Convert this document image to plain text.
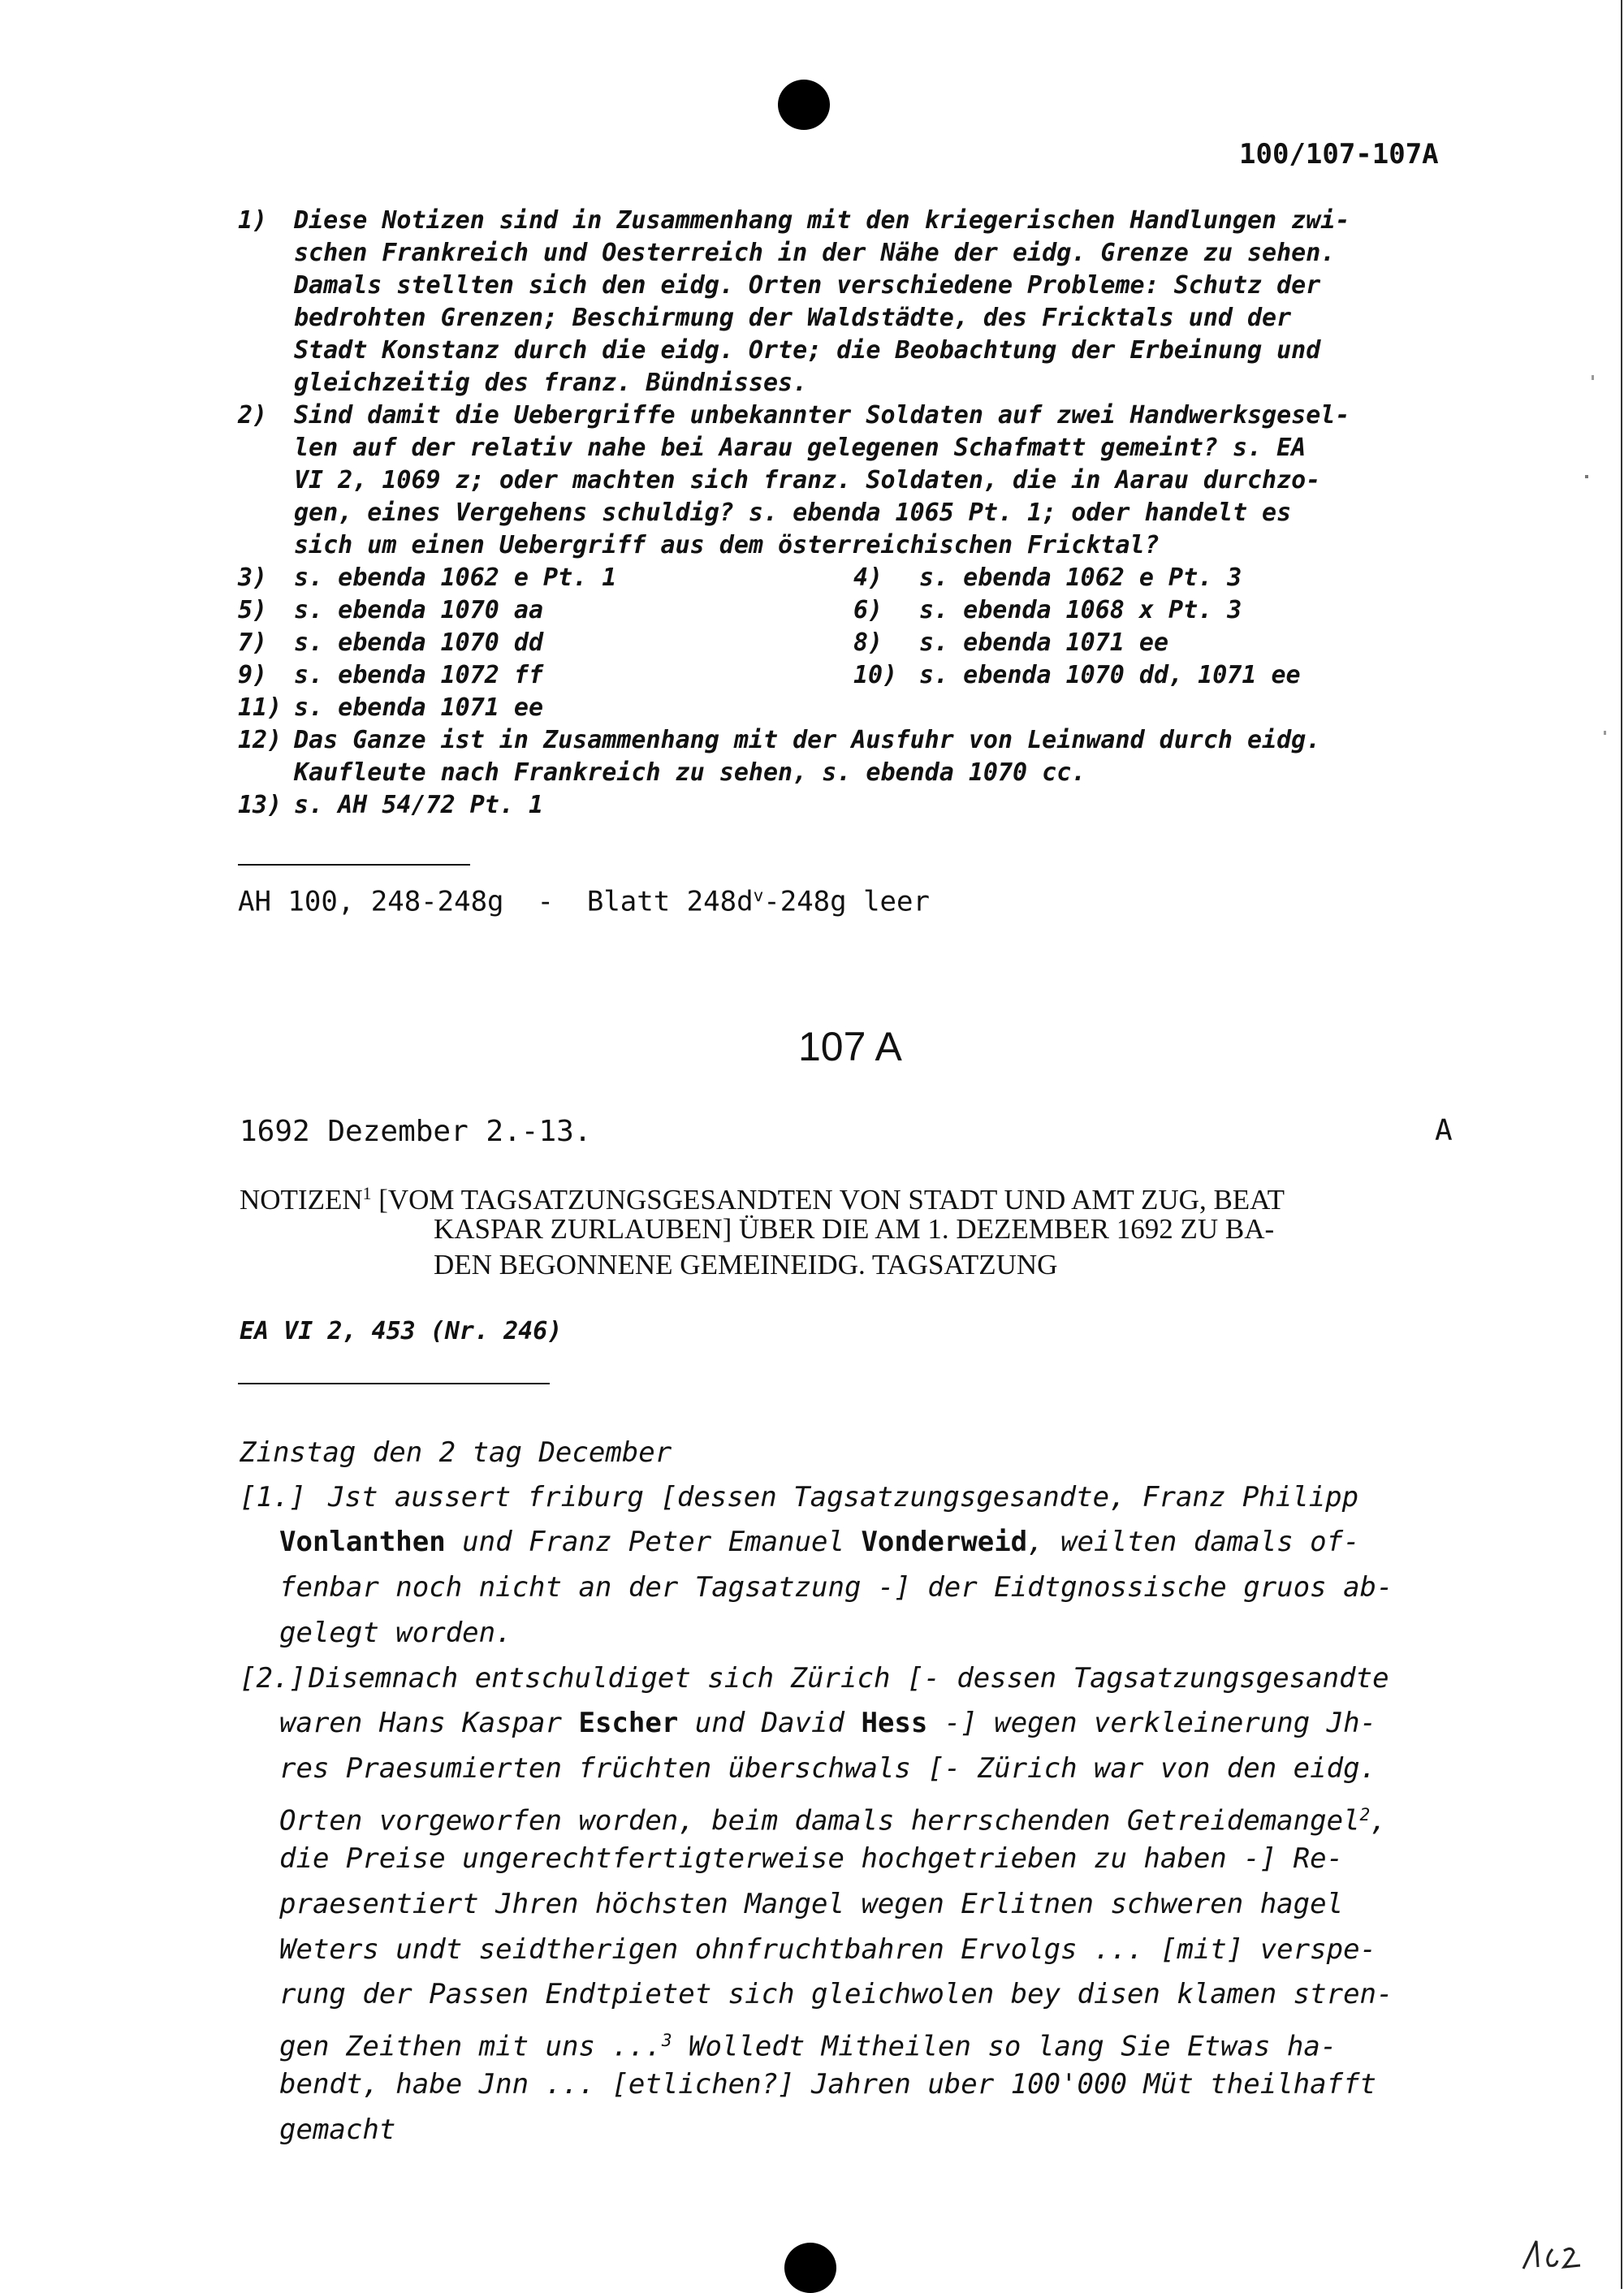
100/107-107A
1) Diese Notizen sind in Zusammenhang mit den kriegerischen Handlungen zwi-
schen Frankreich und Oesterreich in der Nähe der eidg. Grenze zu sehen.
Damals stellten sich den eidg. Orten verschiedene Probleme: Schutz der
bedrohten Grenzen; Beschirmung der Waldstädte, des Fricktals und der
Stadt Konstanz durch die eidg. Orte; die Beobachtung der Erbeinung und
gleichzeitig des franz. Bündnisses.
2) Sind damit die Uebergriffe unbekannter Soldaten auf zwei Handwerksgesel-
len auf der relativ nahe bei Aarau gelegenen Schafmatt gemeint? s. EA
VI 2, 1069 z; oder machten sich franz. Soldaten, die in Aarau durchzo-
gen, eines Vergehens schuldig? s. ebenda 1065 Pt. 1; oder handelt es
sich um einen Uebergriff aus dem österreichischen Fricktal?
3) s. ebenda 1062 e Pt. 1	4) s. ebenda 1062 e Pt. 3
5) s. ebenda 1070 aa	6) s. ebenda 1068 x Pt. 3
7) s. ebenda 1070 dd	8) s. ebenda 1071 ee
9) s. ebenda 1072 ff	10) s. ebenda 1070 dd, 1071 ee
11) s. ebenda 1071 ee
12) Das Ganze ist in Zusammenhang mit der Ausfuhr von Leinwand durch eidg.
Kaufleute nach Frankreich zu sehen, s. ebenda 1070 cc.
13) s. AH 54/72 Pt. 1
AH 100, 248-248g  -  Blatt $248d^v-248g$ leer
107 A
1692 Dezember 2.-13.	A
NOTIZEN$^1$ [VOM TAGSATZUNGSGESANDTEN VON STADT UND AMT ZUG, BEAT
KASPAR ZURLAUBEN] ÜBER DIE AM 1. DEZEMBER 1692 ZU BA-
DEN BEGONNENE GEMEINEIDG. TAGSATZUNG
EA VI 2, 453 (Nr. 246)
Zinstag den 2 tag December
[1.] Jst aussert friburg [dessen Tagsatzungsgesandte, Franz Philipp
Vonlanthen und Franz Peter Emanuel Vonderweid, weilten damals of-
fenbar noch nicht an der Tagsatzung -] der Eidtgnossische gruos ab-
gelegt worden.
[2.] Disemnach entschuldiget sich Zürich [- dessen Tagsatzungsgesandte
waren Hans Kaspar Escher und David Hess -] wegen verkleinerung Jh-
res Praesumierten früchten überschwals [- Zürich war von den eidg.
Orten vorgeworfen worden, beim damals herrschenden Getreidemangel$^2$,
die Preise ungerechtfertigterweise hochgetrieben zu haben -] Re-
praesentiert Jhren höchsten Mangel wegen Erlitnen schweren hagel
Weters undt seidtherigen ohnfruchtbahren Ervolgs ... [mit] verspe-
rung der Passen Endtpietet sich gleichwolen bey disen klamen stren-
gen Zeithen mit uns ...$^3$ Wolledt Mitheilen so lang Sie Etwas ha-
bendt, habe Jnn ... [etlichen?] Jahren uber 100'000 Müt theilhafft
gemacht
